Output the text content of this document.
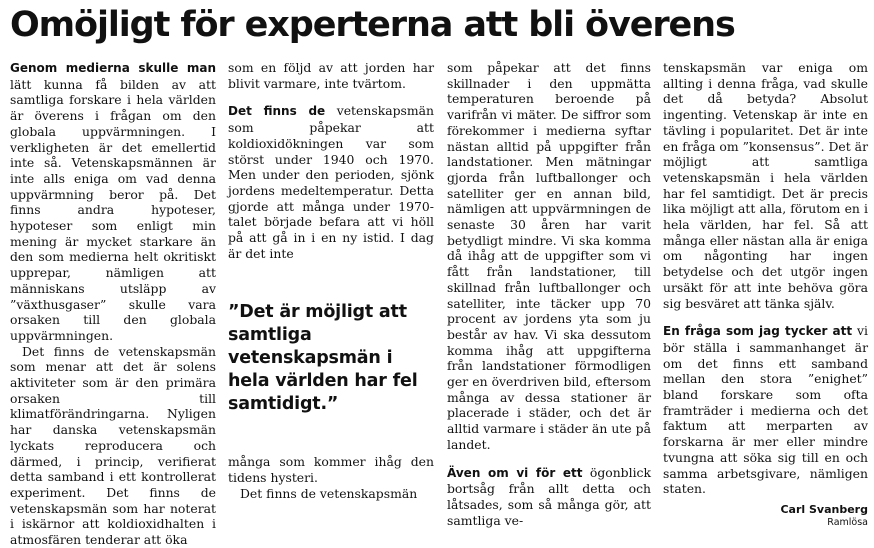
Omöjligt för experterna att bli överens

Genom medierna skulle man lätt kunna få bilden av att samtliga forskare i hela världen är överens i frågan om den globala uppvärmningen. I verkligheten är det emellertid inte så. Vetenskapsmännen är inte alls eniga om vad denna uppvärmning beror på. Det finns andra hypoteser, hypoteser som enligt min mening är mycket starkare än den som medierna helt okritiskt upprepar, nämligen att människans utsläpp av ”växthusgaser” skulle vara orsaken till den globala uppvärmningen.

Det finns de vetenskapsmän som menar att det är solens aktiviteter som är den primära orsaken till klimatförändringarna. Nyligen har danska vetenskapsmän lyckats reproducera och därmed, i princip, verifierat detta samband i ett kontrollerat experiment. Det finns de vetenskapsmän som har noterat i iskärnor att koldioxidhalten i atmosfären tenderar att öka

som en följd av att jorden har blivit varmare, inte tvärtom.

Det finns de vetenskapsmän som påpekar att koldioxidökningen var som störst under 1940 och 1970. Men under den perioden, sjönk jordens medeltemperatur. Detta gjorde att många under 1970-talet började befara att vi höll på att gå in i en ny istid. I dag är det inte

”Det är möjligt att samtliga vetenskapsmän i hela världen har fel samtidigt.”

många som kommer ihåg den tidens hysteri.

Det finns de vetenskapsmän

som påpekar att det finns skillnader i den uppmätta temperaturen beroende på varifrån vi mäter. De siffror som förekommer i medierna syftar nästan alltid på uppgifter från landstationer. Men mätningar gjorda från luftballonger och satelliter ger en annan bild, nämligen att uppvärmningen de senaste 30 åren har varit betydligt mindre. Vi ska komma då ihåg att de uppgifter som vi fått från landstationer, till skillnad från luftballonger och satelliter, inte täcker upp 70 procent av jordens yta som ju består av hav. Vi ska dessutom komma ihåg att uppgifterna från landstationer förmodligen ger en överdriven bild, eftersom många av dessa stationer är placerade i städer, och det är alltid varmare i städer än ute på landet.

Även om vi för ett ögonblick bortsåg från allt detta och låtsades, som så många gör, att samtliga ve-

tenskapsmän var eniga om allting i denna fråga, vad skulle det då betyda? Absolut ingenting. Vetenskap är inte en tävling i popularitet. Det är inte en fråga om ”konsensus”. Det är möjligt att samtliga vetenskapsmän i hela världen har fel samtidigt. Det är precis lika möjligt att alla, förutom en i hela världen, har fel. Så att många eller nästan alla är eniga om någonting har ingen betydelse och det utgör ingen ursäkt för att inte behöva göra sig besväret att tänka själv.

En fråga som jag tycker att vi bör ställa i sammanhanget är om det finns ett samband mellan den stora ”enighet” bland forskare som ofta framträder i medierna och det faktum att merparten av forskarna är mer eller mindre tvungna att söka sig till en och samma arbetsgivare, nämligen staten.

Carl Svanberg
Ramlösa
